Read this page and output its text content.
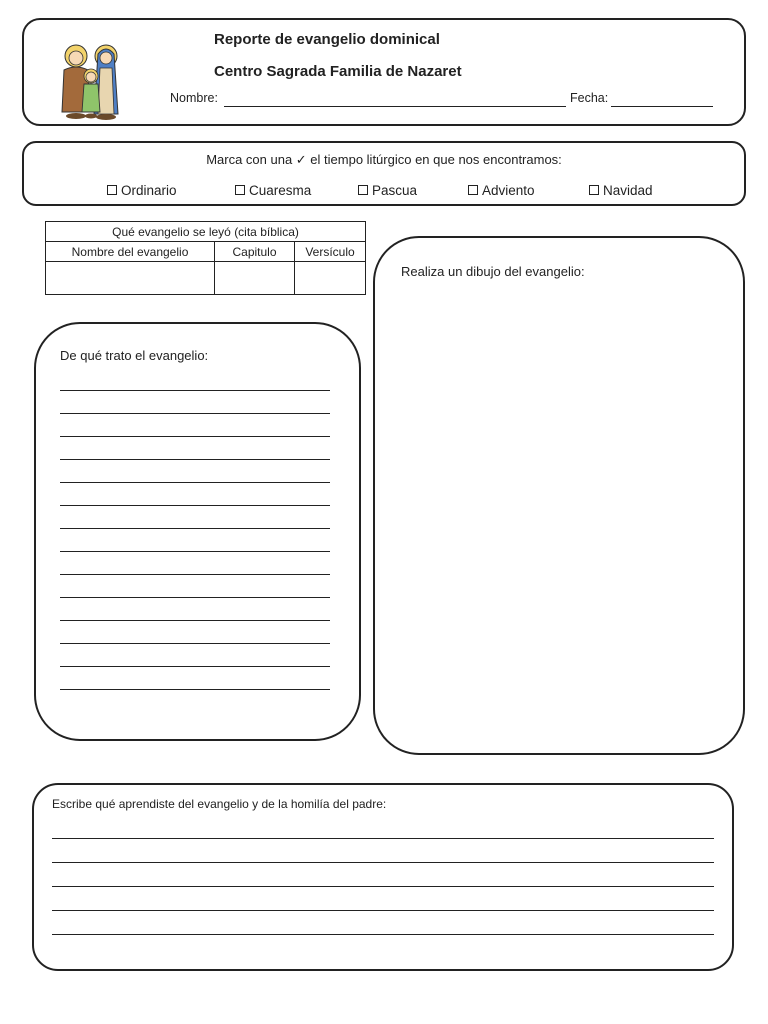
Reporte de evangelio dominical
Centro Sagrada Familia de Nazaret
Nombre:	Fecha:
Marca con una ✓ el tiempo litúrgico en que nos encontramos:
Ordinario	Cuaresma	Pascua	Adviento	Navidad
Qué evangelio se leyó (cita bíblica)		
Nombre del evangelio	Capitulo	Versículo

De qué trato el evangelio:
Realiza un dibujo del evangelio:
Escribe qué aprendiste del evangelio y de la homilía del padre:
